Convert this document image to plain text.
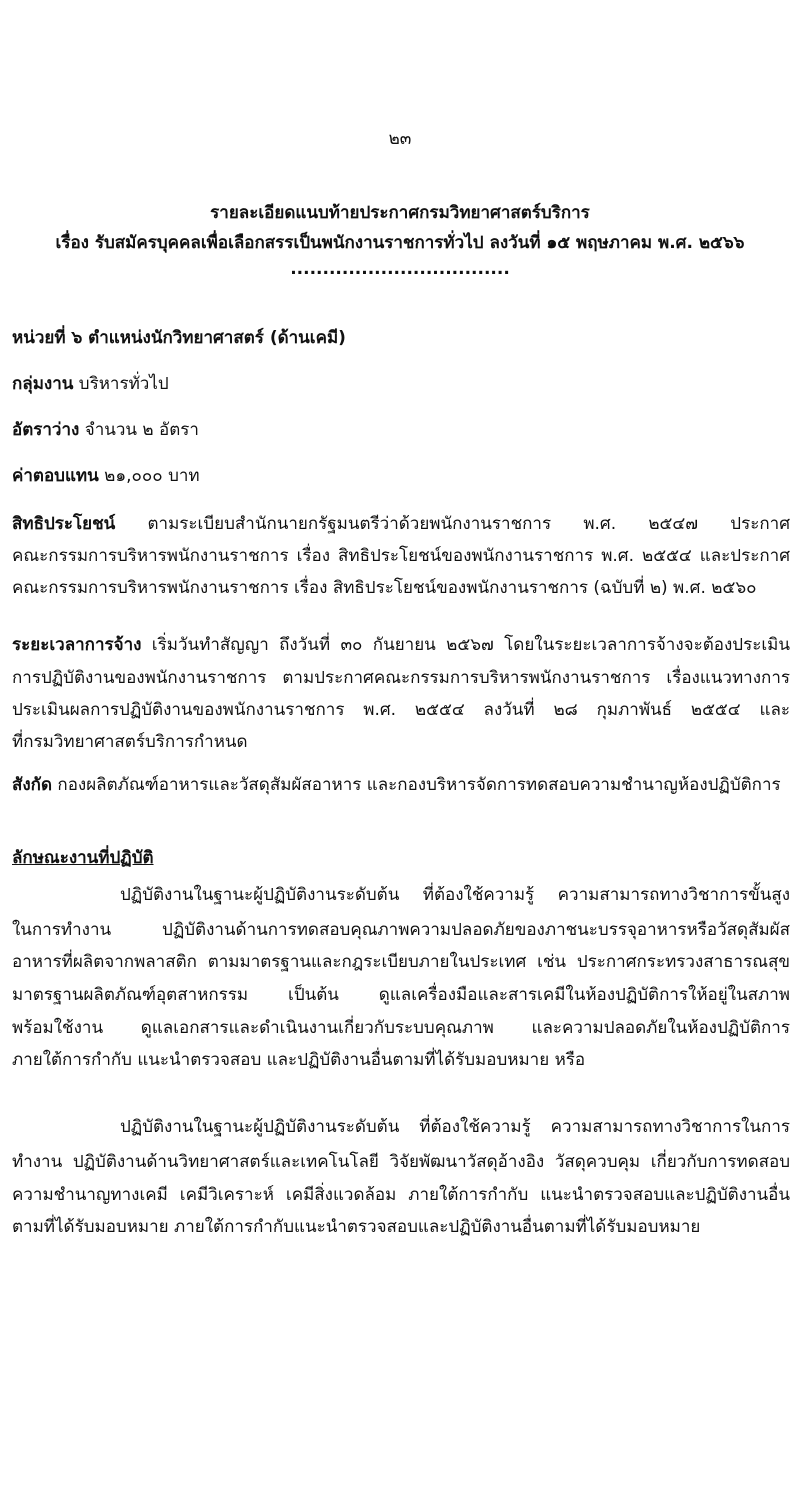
๒๓
รายละเอียดแนบท้ายประกาศกรมวิทยาศาสตร์บริการ
เรื่อง รับสมัครบุคคลเพื่อเลือกสรรเป็นพนักงานราชการทั่วไป ลงวันที่ ๑๕ พฤษภาคม พ.ศ. ๒๕๖๖
..................................
หน่วยที่ ๖ ตำแหน่งนักวิทยาศาสตร์ (ด้านเคมี)
กลุ่มงาน บริหารทั่วไป
อัตราว่าง จำนวน ๒ อัตรา
ค่าตอบแทน ๒๑,๐๐๐ บาท
สิทธิประโยชน์ ตามระเบียบสำนักนายกรัฐมนตรีว่าด้วยพนักงานราชการ พ.ศ. ๒๕๔๗ ประกาศ
คณะกรรมการบริหารพนักงานราชการ เรื่อง สิทธิประโยชน์ของพนักงานราชการ พ.ศ. ๒๕๕๔ และประกาศ
คณะกรรมการบริหารพนักงานราชการ เรื่อง สิทธิประโยชน์ของพนักงานราชการ (ฉบับที่ ๒) พ.ศ. ๒๕๖๐
ระยะเวลาการจ้าง เริ่มวันทำสัญญา ถึงวันที่ ๓๐ กันยายน ๒๕๖๗ โดยในระยะเวลาการจ้างจะต้องประเมิน
การปฏิบัติงานของพนักงานราชการ ตามประกาศคณะกรรมการบริหารพนักงานราชการ เรื่องแนวทางการ
ประเมินผลการปฏิบัติงานของพนักงานราชการ พ.ศ. ๒๕๕๔ ลงวันที่ ๒๘ กุมภาพันธ์ ๒๕๕๔ และ
ที่กรมวิทยาศาสตร์บริการกำหนด
สังกัด กองผลิตภัณฑ์อาหารและวัสดุสัมผัสอาหาร และกองบริหารจัดการทดสอบความชำนาญห้องปฏิบัติการ
ลักษณะงานที่ปฏิบัติ
ปฏิบัติงานในฐานะผู้ปฏิบัติงานระดับต้น ที่ต้องใช้ความรู้ ความสามารถทางวิชาการขั้นสูง
ในการทำงาน ปฏิบัติงานด้านการทดสอบคุณภาพความปลอดภัยของภาชนะบรรจุอาหารหรือวัสดุสัมผัส
อาหารที่ผลิตจากพลาสติก ตามมาตรฐานและกฎระเบียบภายในประเทศ เช่น ประกาศกระทรวงสาธารณสุข
มาตรฐานผลิตภัณฑ์อุตสาหกรรม เป็นต้น ดูแลเครื่องมือและสารเคมีในห้องปฏิบัติการให้อยู่ในสภาพ
พร้อมใช้งาน ดูแลเอกสารและดำเนินงานเกี่ยวกับระบบคุณภาพ และความปลอดภัยในห้องปฏิบัติการ
ภายใต้การกำกับ แนะนำตรวจสอบ และปฏิบัติงานอื่นตามที่ได้รับมอบหมาย หรือ
ปฏิบัติงานในฐานะผู้ปฏิบัติงานระดับต้น ที่ต้องใช้ความรู้ ความสามารถทางวิชาการในการ
ทำงาน ปฏิบัติงานด้านวิทยาศาสตร์และเทคโนโลยี วิจัยพัฒนาวัสดุอ้างอิง วัสดุควบคุม เกี่ยวกับการทดสอบ
ความชำนาญทางเคมี เคมีวิเคราะห์ เคมีสิ่งแวดล้อม ภายใต้การกำกับ แนะนำตรวจสอบและปฏิบัติงานอื่น
ตามที่ได้รับมอบหมาย ภายใต้การกำกับแนะนำตรวจสอบและปฏิบัติงานอื่นตามที่ได้รับมอบหมาย
